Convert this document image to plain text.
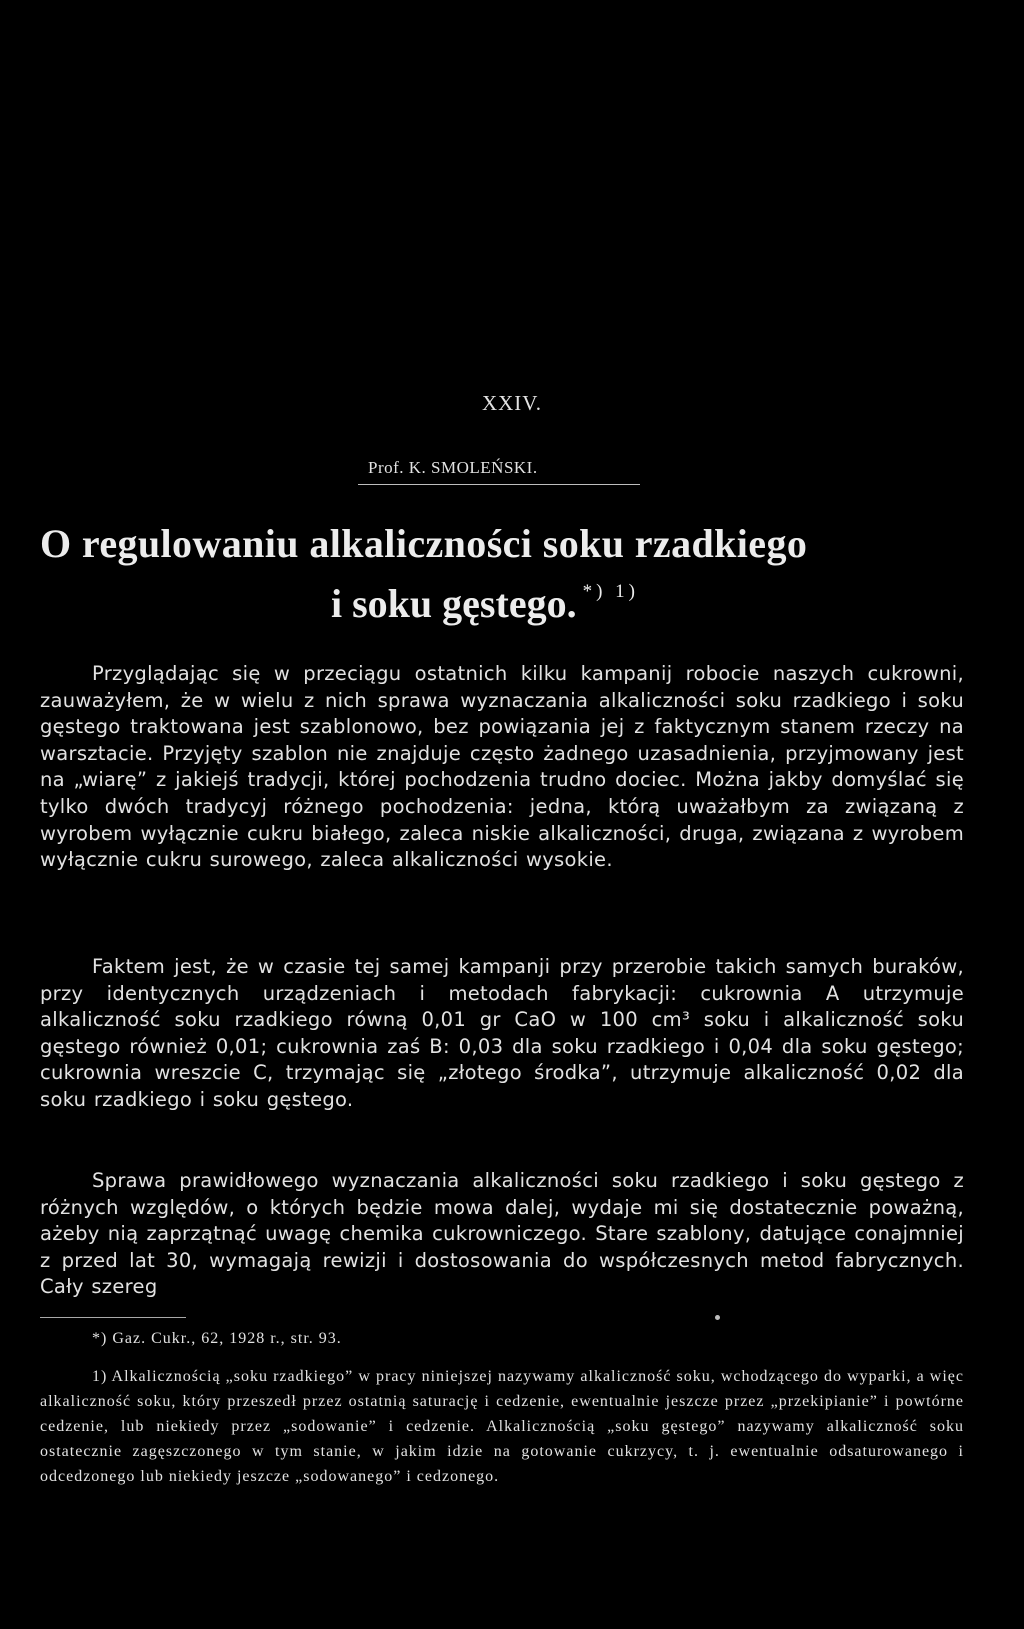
XXIV.
Prof. K. SMOLEŃSKI.
O regulowaniu alkaliczności soku rzadkiego
i soku gęstego. $^{*) 1)}$

Przyglądając się w przeciągu ostatnich kilku kampanij robocie naszych cukrowni, zauważyłem, że w wielu z nich sprawa wyznaczania alkaliczności soku rzadkiego i soku gęstego traktowana jest szablonowo, bez powiązania jej z faktycznym stanem rzeczy na warsztacie. Przyjęty szablon nie znajduje często żadnego uzasadnienia, przyjmowany jest na „wiarę” z jakiejś tradycji, której pochodzenia trudno dociec. Można jakby domyślać się tylko dwóch tradycyj różnego pochodzenia: jedna, którą uważałbym za związaną z wyrobem wyłącznie cukru białego, zaleca niskie alkaliczności, druga, związana z wyrobem wyłącznie cukru surowego, zaleca alkaliczności wysokie.

Faktem jest, że w czasie tej samej kampanji przy przerobie takich samych buraków, przy identycznych urządzeniach i metodach fabrykacji: cukrownia A utrzymuje alkaliczność soku rzadkiego równą 0,01 gr CaO w 100 cm³ soku i alkaliczność soku gęstego również 0,01; cukrownia zaś B: 0,03 dla soku rzadkiego i 0,04 dla soku gęstego; cukrownia wreszcie C, trzymając się „złotego środka”, utrzymuje alkaliczność 0,02 dla soku rzadkiego i soku gęstego.

Sprawa prawidłowego wyznaczania alkaliczności soku rzadkiego i soku gęstego z różnych względów, o których będzie mowa dalej, wydaje mi się dostatecznie poważną, ażeby nią zaprzątnąć uwagę chemika cukrowniczego. Stare szablony, datujące conajmniej z przed lat 30, wymagają rewizji i dostosowania do współczesnych metod fabrycznych. Cały szereg

*) Gaz. Cukr., 62, 1928 r., str. 93.
1) Alkalicznością „soku rzadkiego” w pracy niniejszej nazywamy alkaliczność soku, wchodzącego do wyparki, a więc alkaliczność soku, który przeszedł przez ostatnią saturację i cedzenie, ewentualnie jeszcze przez „przekipianie” i powtórne cedzenie, lub niekiedy przez „sodowanie” i cedzenie. Alkalicznością „soku gęstego” nazywamy alkaliczność soku ostatecznie zagęszczonego w tym stanie, w jakim idzie na gotowanie cukrzycy, t. j. ewentualnie odsaturowanego i odcedzonego lub niekiedy jeszcze „sodowanego” i cedzonego.
